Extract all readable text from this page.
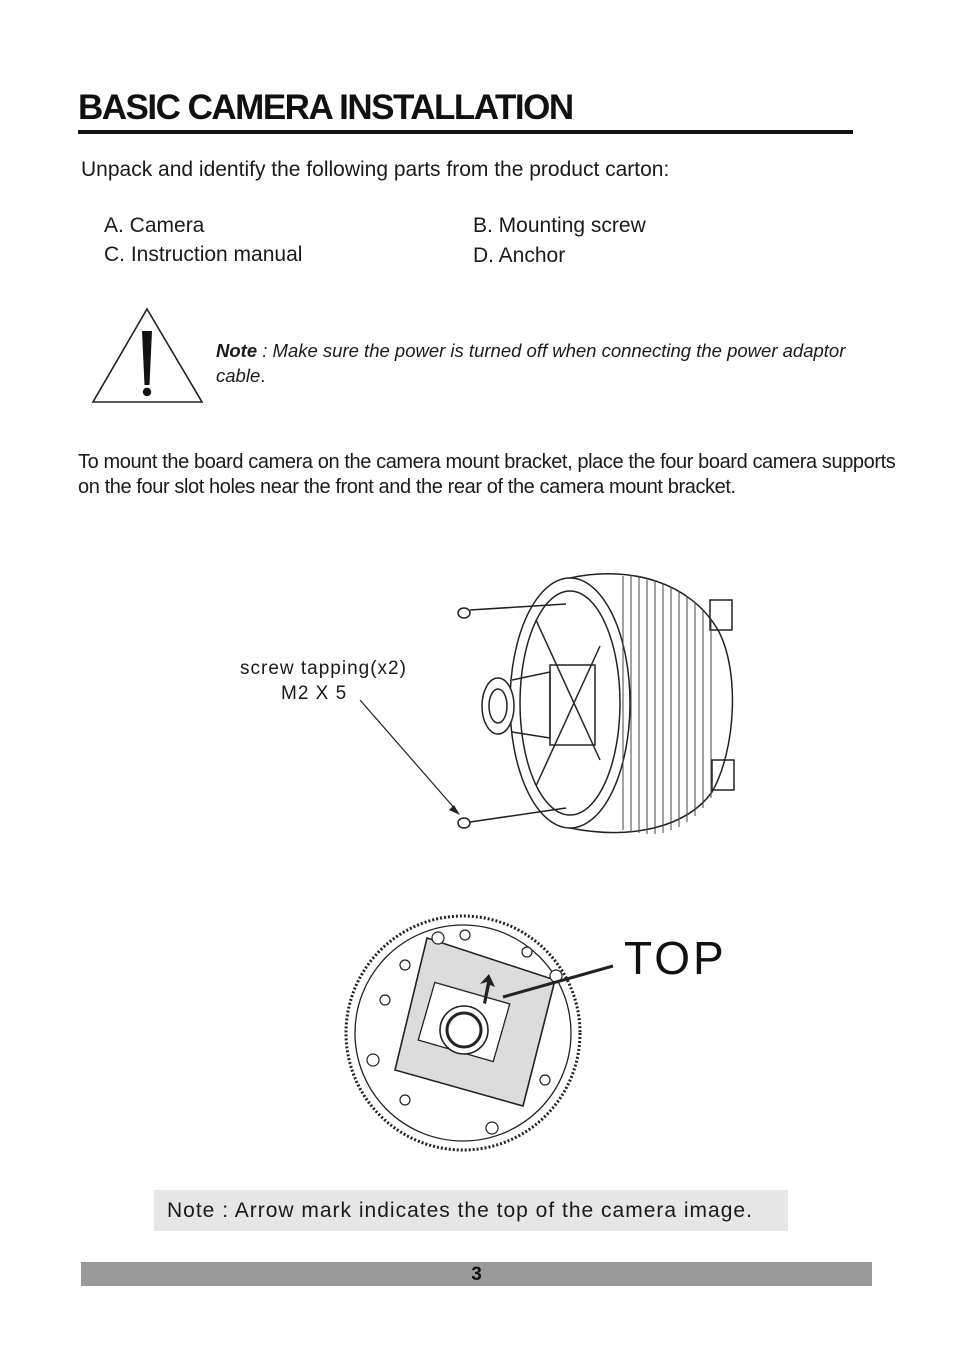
BASIC CAMERA INSTALLATION
Unpack and identify the following parts from the product carton:
A. Camera	B. Mounting screw
C. Instruction manual	D. Anchor
Note : Make sure the power is turned off when connecting the power adaptor cable.
To mount the board camera on the camera mount bracket, place the four board camera supports on the four slot holes near the front and the rear of the camera mount bracket.
screw tapping(x2)
M2 X 5
TOP
Note : Arrow mark indicates the top of the camera image.
3
